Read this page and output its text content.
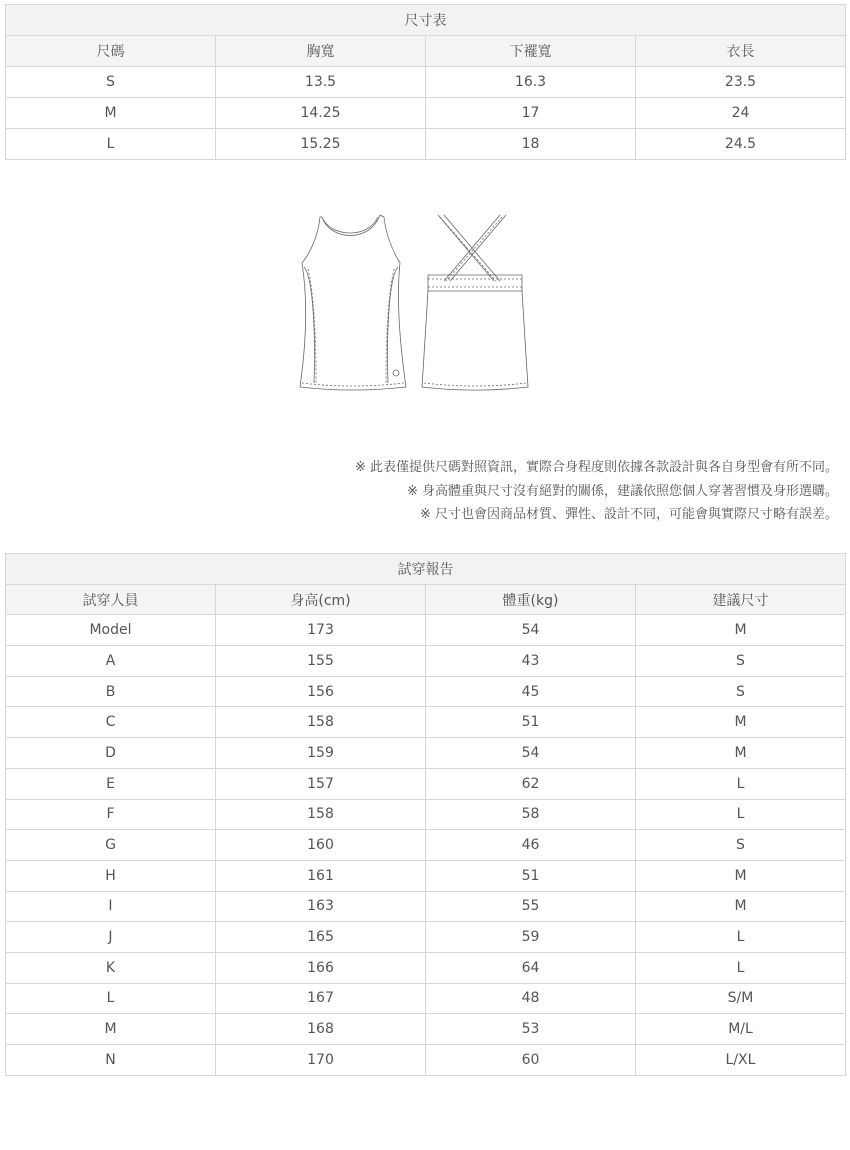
尺寸表			
尺碼	胸寬	下襬寬	衣長
S	13.5	16.3	23.5
M	14.25	17	24
L	15.25	18	24.5

※ 此表僅提供尺碼對照資訊，實際合身程度則依據各款設計與各自身型會有所不同。

※ 身高體重與尺寸沒有絕對的關係，建議依照您個人穿著習慣及身形選購。

※ 尺寸也會因商品材質、彈性、設計不同，可能會與實際尺寸略有誤差。

試穿報告			
試穿人員	身高(cm)	體重(kg)	建議尺寸
Model	173	54	M
A	155	43	S
B	156	45	S
C	158	51	M
D	159	54	M
E	157	62	L
F	158	58	L
G	160	46	S
H	161	51	M
I	163	55	M
J	165	59	L
K	166	64	L
L	167	48	S/M
M	168	53	M/L
N	170	60	L/XL
